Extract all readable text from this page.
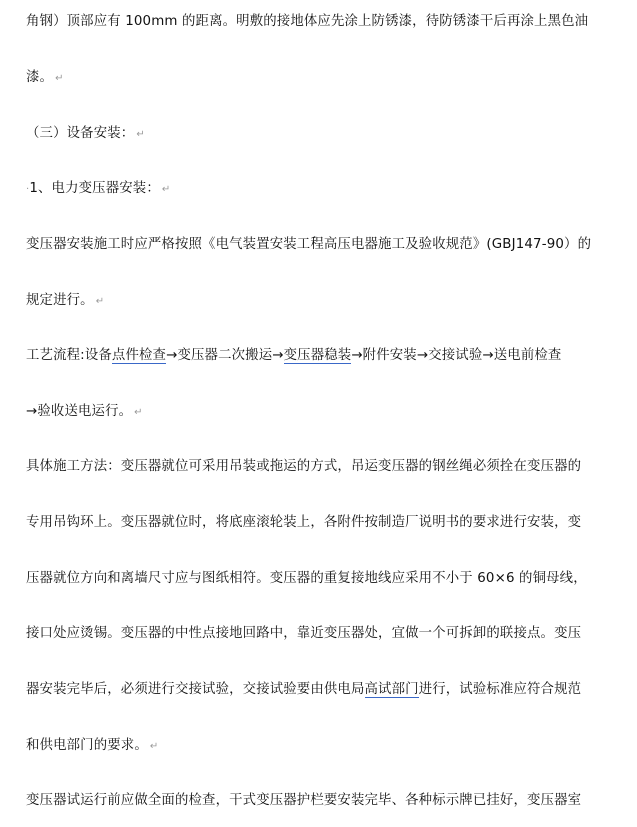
角钢）顶部应有 100mm 的距离。明敷的接地体应先涂上防锈漆，待防锈漆干后再涂上黑色油
漆。 ↵
（三）设备安装： ↵
·1、电力变压器安装： ↵
变压器安装施工时应严格按照《电气装置安装工程高压电器施工及验收规范》(GBJ147-90）的
规定进行。 ↵
工艺流程:设备点件检查→变压器二次搬运→变压器稳装→附件安装→交接试验→送电前检查
→验收送电运行。 ↵
具体施工方法：变压器就位可采用吊装或拖运的方式，吊运变压器的钢丝绳必须拴在变压器的
专用吊钩环上。变压器就位时，将底座滚轮装上，各附件按制造厂说明书的要求进行安装，变
压器就位方向和离墙尺寸应与图纸相符。变压器的重复接地线应采用不小于 60×6 的铜母线，
接口处应烫锡。变压器的中性点接地回路中，靠近变压器处，宜做一个可拆卸的联接点。变压
器安装完毕后，必须进行交接试验，交接试验要由供电局高试部门进行，试验标准应符合规范
和供电部门的要求。 ↵
变压器试运行前应做全面的检查，干式变压器护栏要安装完毕、各种标示牌已挂好，变压器室
